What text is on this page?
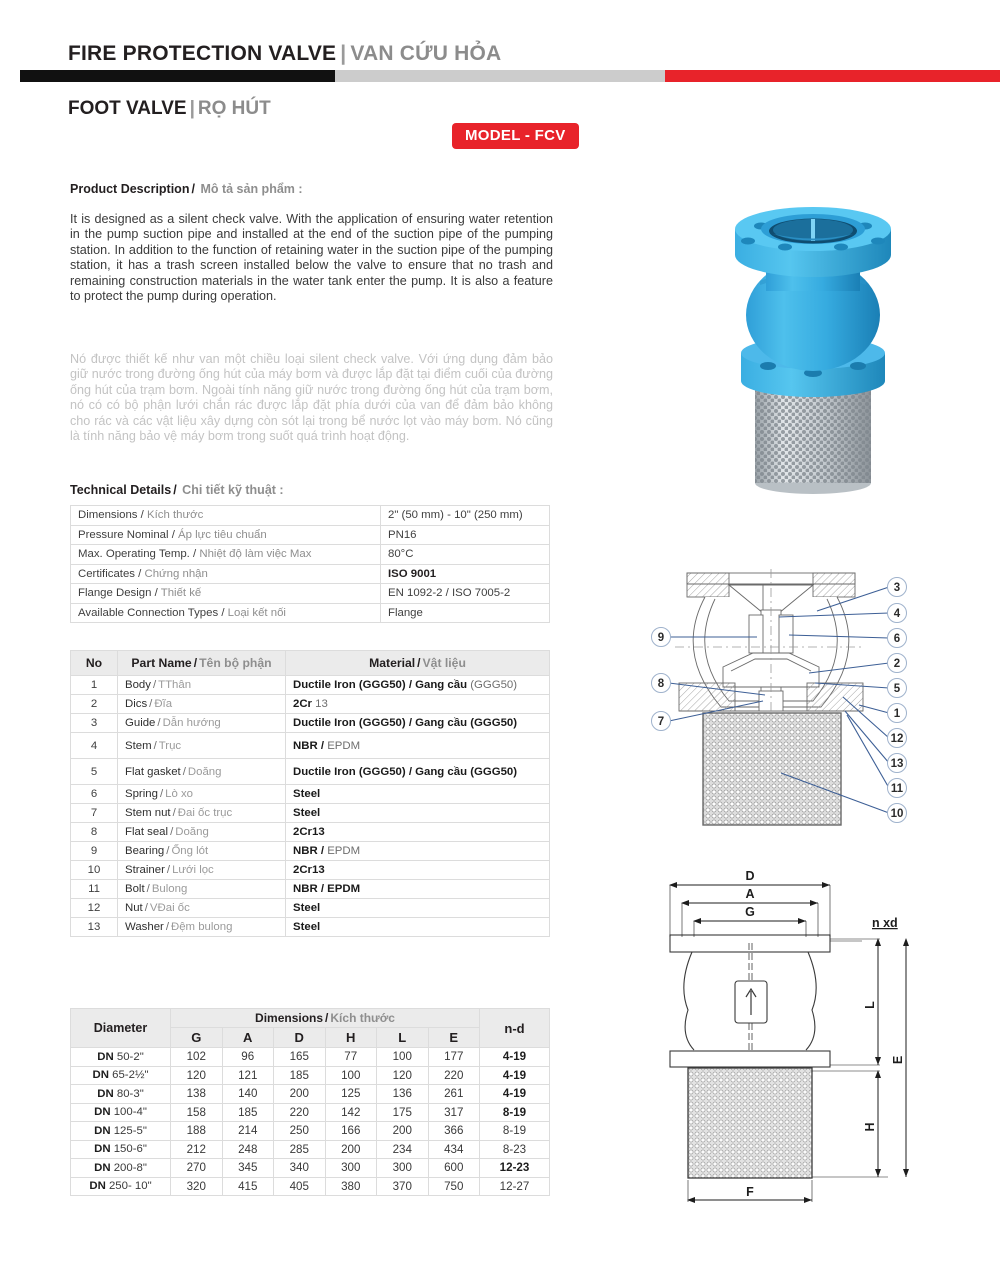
FIRE PROTECTION VALVE | VAN CỨU HỎA
FOOT VALVE | RỌ HÚT
MODEL - FCV
Product Description / Mô tả sản phẩm :
It is designed as a silent check valve. With the application of ensuring water retention in the pump suction pipe and installed at the end of the suction pipe of the pumping station. In addition to the function of retaining water in the suction pipe of the pumping station, it has a trash screen installed below the valve to ensure that no trash and remaining construction materials in the water tank enter the pump. It is also a feature to protect the pump during operation.
Nó được thiết kế như van một chiều loại silent check valve. Với ứng dụng đảm bảo giữ nước trong đường ống hút của máy bơm và được lắp đặt tại điểm cuối của đường ống hút của trạm bơm. Ngoài tính năng giữ nước trong đường ống hút của trạm bơm, nó có có bộ phận lưới chắn rác được lắp đặt phía dưới của van để đảm bảo không cho rác và các vật liệu xây dựng còn sót lại trong bể nước lọt vào máy bơm. Nó cũng là tính năng bảo vệ máy bơm trong suốt quá trình hoạt động.
Technical Details / Chi tiết kỹ thuật :
Dimensions / Kích thước	2" (50 mm) - 10" (250 mm)
Pressure Nominal / Áp lực tiêu chuẩn	PN16
Max. Operating Temp. / Nhiệt độ làm việc Max	80°C
Certificates / Chứng nhận	ISO 9001
Flange Design / Thiết kế	EN 1092-2 / ISO 7005-2
Available Connection Types / Loại kết nối	Flange
No	Part Name / Tên bộ phận	Material / Vật liệu
1	Body / TThân	Ductile Iron (GGG50) / Gang cầu (GGG50)
2	Dics / Đĩa	2Cr 13
3	Guide / Dẫn hướng	Ductile Iron (GGG50) / Gang cầu (GGG50)
4	Stem / Trục	NBR / EPDM
5	Flat gasket / Doăng	Ductile Iron (GGG50) / Gang cầu (GGG50)
6	Spring / Lò xo	Steel
7	Stem nut / Đai ốc trục	Steel
8	Flat seal / Doăng	2Cr13
9	Bearing / Ống lót	NBR / EPDM
10	Strainer / Lưới lọc	2Cr13
11	Bolt / Bulong	NBR / EPDM
12	Nut / VĐai ốc	Steel
13	Washer / Đệm bulong	Steel
Diameter	Dimensions / Kích thước						n-d
	G	A	D	H	L	E	
DN 50-2"	102	96	165	77	100	177	4-19
DN 65-2½"	120	121	185	100	120	220	4-19
DN 80-3"	138	140	200	125	136	261	4-19
DN 100-4"	158	185	220	142	175	317	8-19
DN 125-5"	188	214	250	166	200	366	8-19
DN 150-6"	212	248	285	200	234	434	8-23
DN 200-8"	270	345	340	300	300	600	12-23
DN 250- 10"	320	415	405	380	370	750	12-27
3
4
6
2
5
1
12
13
11
10
9
8
7
D
A
G
n xd
L
E
H
F
